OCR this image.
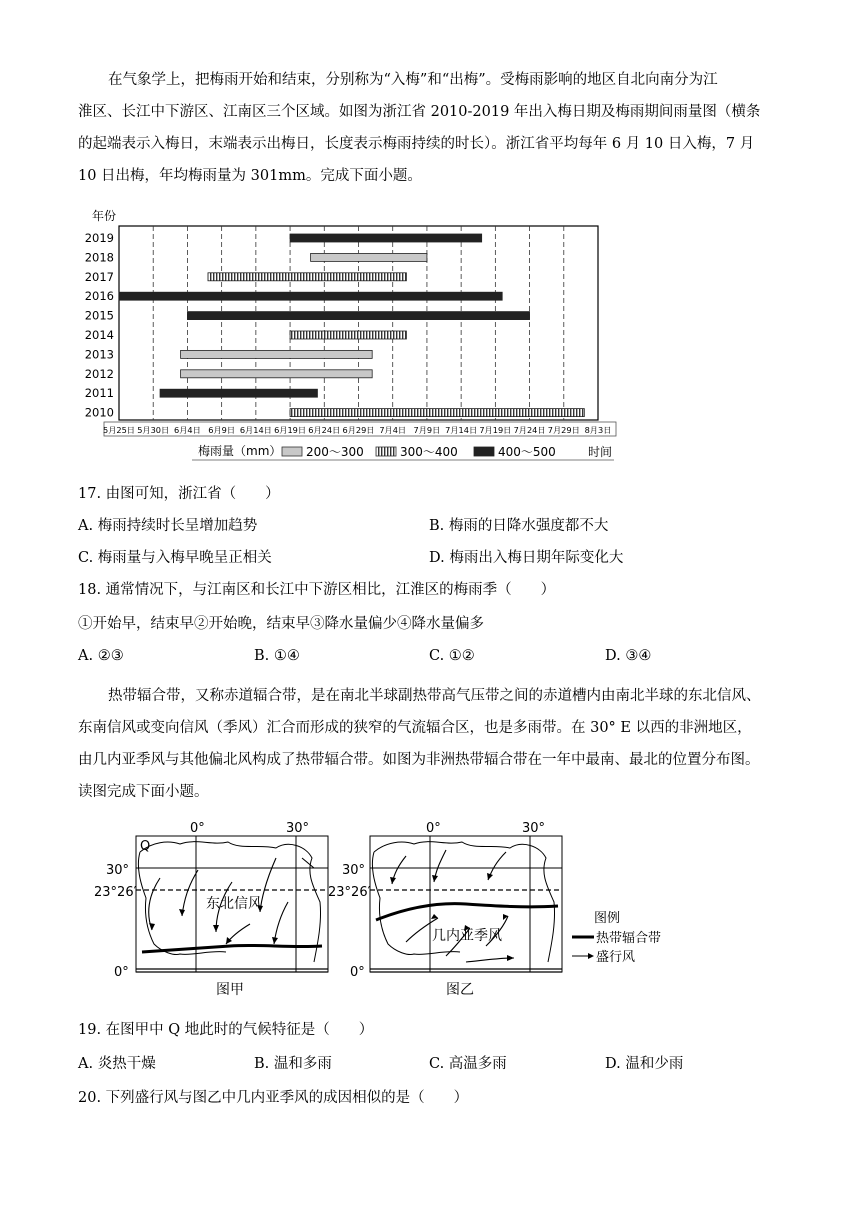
在气象学上，把梅雨开始和结束，分别称为“入梅”和“出梅”。受梅雨影响的地区自北向南分为江
淮区、长江中下游区、江南区三个区域。如图为浙江省 2010-2019 年出入梅日期及梅雨期间雨量图（横条
的起端表示入梅日，末端表示出梅日，长度表示梅雨持续的时长）。浙江省平均每年 6 月 10 日入梅，7 月
10 日出梅，年均梅雨量为 301mm。完成下面小题。
年份
2019
2018
2017
2016
2015
2014
2013
2012
2011
2010
5月25日 5月30日 6月4日 6月9日 6月14日 6月19日 6月24日 6月29日 7月4日 7月9日 7月14日 7月19日 7月24日 7月29日 8月3日
梅雨量（mm） 200～300	300～400	400～500	时间
17. 由图可知，浙江省（　　）
A. 梅雨持续时长呈增加趋势	B. 梅雨的日降水强度都不大
C. 梅雨量与入梅早晚呈正相关	D. 梅雨出入梅日期年际变化大
18. 通常情况下，与江南区和长江中下游区相比，江淮区的梅雨季（　　）
①开始早，结束早②开始晚，结束早③降水量偏少④降水量偏多
A. ②③	B. ①④	C. ①②	D. ③④
热带辐合带，又称赤道辐合带，是在南北半球副热带高气压带之间的赤道槽内由南北半球的东北信风、
东南信风或变向信风（季风）汇合而形成的狭窄的气流辐合区，也是多雨带。在 30° E 以西的非洲地区，
由几内亚季风与其他偏北风构成了热带辐合带。如图为非洲热带辐合带在一年中最南、最北的位置分布图。
读图完成下面小题。
0°	30°
30°
23°26′
0°
Q
东北信风
图甲
0°	30°
30°
23°26′
0°
几内亚季风
图乙
图例
热带辐合带
盛行风
19. 在图甲中 Q 地此时的气候特征是（　　）
A. 炎热干燥	B. 温和多雨	C. 高温多雨	D. 温和少雨
20. 下列盛行风与图乙中几内亚季风的成因相似的是（　　）
